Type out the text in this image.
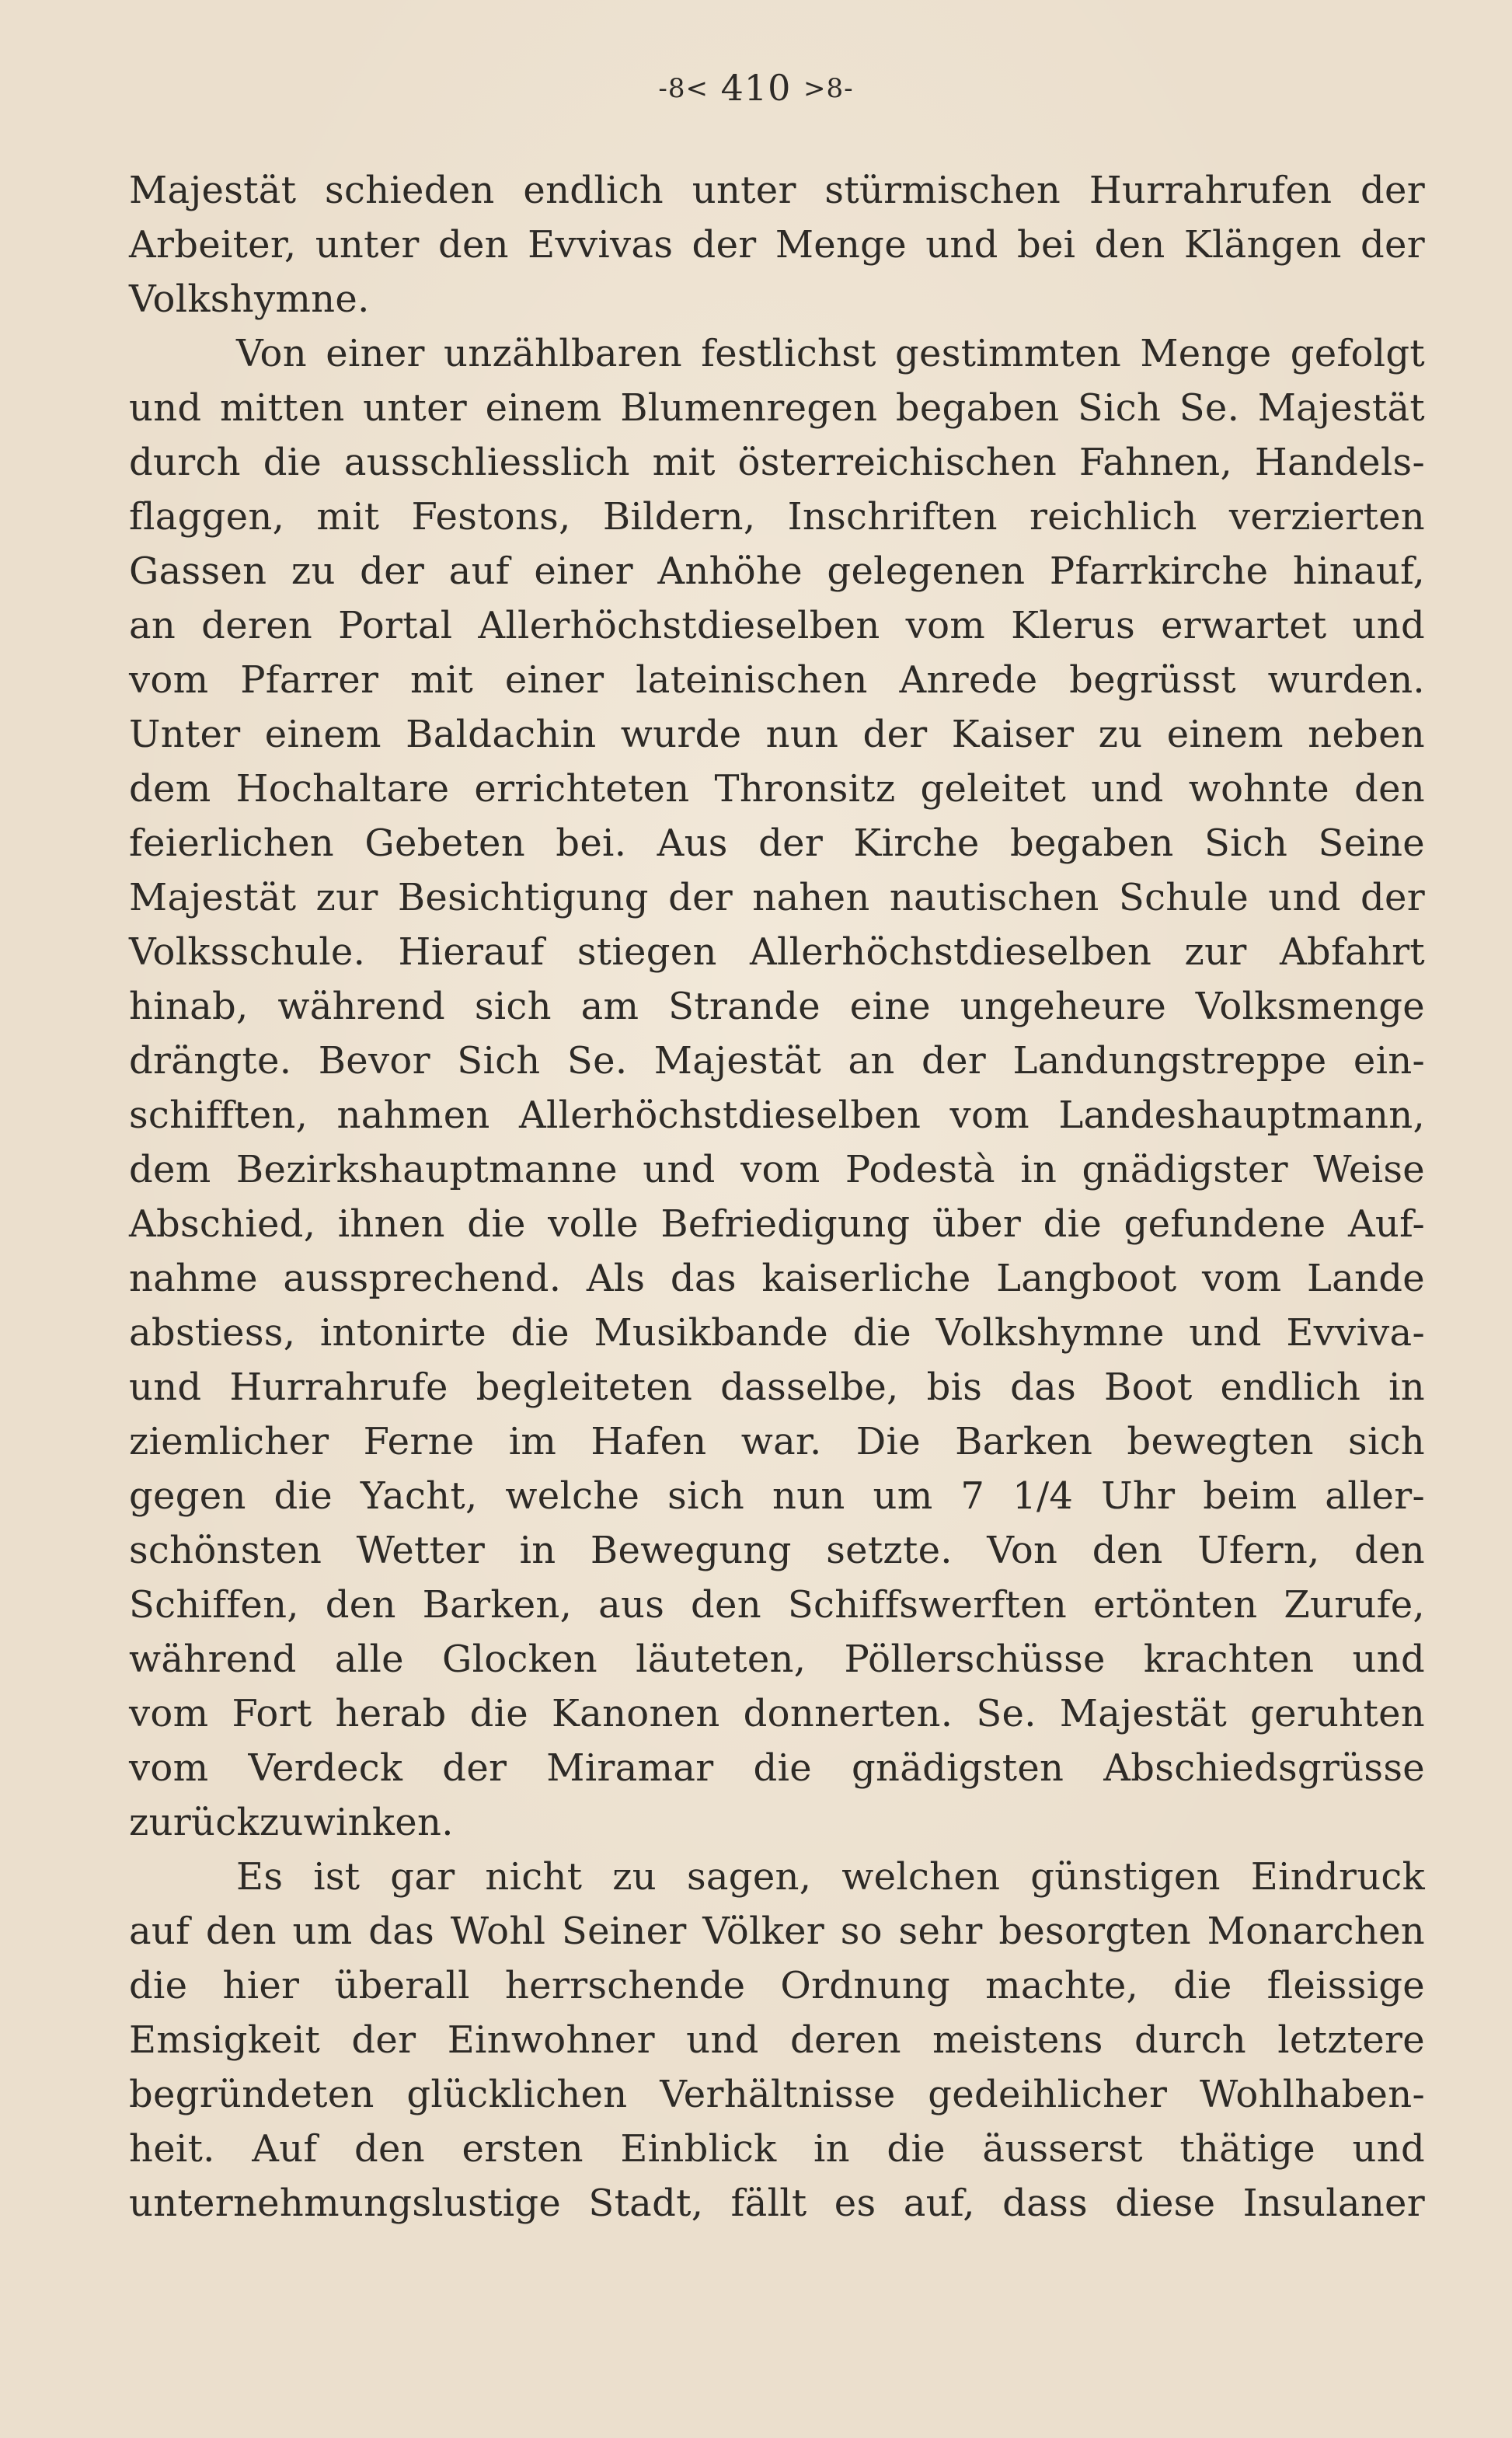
-8< 410 >8-
Majestät schieden endlich unter stürmischen Hurrahrufen der
Arbeiter, unter den Evvivas der Menge und bei den Klängen der
Volkshymne.
Von einer unzählbaren festlichst gestimmten Menge gefolgt
und mitten unter einem Blumenregen begaben Sich Se. Majestät
durch die ausschliesslich mit österreichischen Fahnen, Handels-
flaggen, mit Festons, Bildern, Inschriften reichlich verzierten
Gassen zu der auf einer Anhöhe gelegenen Pfarrkirche hinauf,
an deren Portal Allerhöchstdieselben vom Klerus erwartet und
vom Pfarrer mit einer lateinischen Anrede begrüsst wurden.
Unter einem Baldachin wurde nun der Kaiser zu einem neben
dem Hochaltare errichteten Thronsitz geleitet und wohnte den
feierlichen Gebeten bei. Aus der Kirche begaben Sich Seine
Majestät zur Besichtigung der nahen nautischen Schule und der
Volksschule. Hierauf stiegen Allerhöchstdieselben zur Abfahrt
hinab, während sich am Strande eine ungeheure Volksmenge
drängte. Bevor Sich Se. Majestät an der Landungstreppe ein-
schifften, nahmen Allerhöchstdieselben vom Landeshauptmann,
dem Bezirkshauptmanne und vom Podestà in gnädigster Weise
Abschied, ihnen die volle Befriedigung über die gefundene Auf-
nahme aussprechend. Als das kaiserliche Langboot vom Lande
abstiess, intonirte die Musikbande die Volkshymne und Evviva-
und Hurrahrufe begleiteten dasselbe, bis das Boot endlich in
ziemlicher Ferne im Hafen war. Die Barken bewegten sich
gegen die Yacht, welche sich nun um 7 1/4 Uhr beim aller-
schönsten Wetter in Bewegung setzte. Von den Ufern, den
Schiffen, den Barken, aus den Schiffswerften ertönten Zurufe,
während alle Glocken läuteten, Pöllerschüsse krachten und
vom Fort herab die Kanonen donnerten. Se. Majestät geruhten
vom Verdeck der Miramar die gnädigsten Abschiedsgrüsse
zurückzuwinken.
Es ist gar nicht zu sagen, welchen günstigen Eindruck
auf den um das Wohl Seiner Völker so sehr besorgten Monarchen
die hier überall herrschende Ordnung machte, die fleissige
Emsigkeit der Einwohner und deren meistens durch letztere
begründeten glücklichen Verhältnisse gedeihlicher Wohlhaben-
heit. Auf den ersten Einblick in die äusserst thätige und
unternehmungslustige Stadt, fällt es auf, dass diese Insulaner
